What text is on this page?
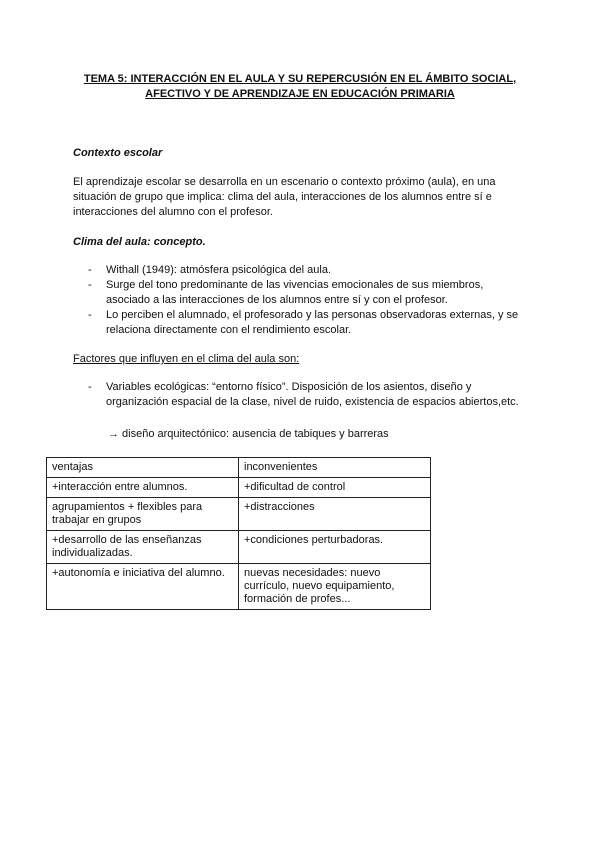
TEMA 5: INTERACCIÓN EN EL AULA Y SU REPERCUSIÓN EN EL ÁMBITO SOCIAL,
AFECTIVO Y DE APRENDIZAJE EN EDUCACIÓN PRIMARIA
Contexto escolar
El aprendizaje escolar se desarrolla en un escenario o contexto próximo (aula), en una
situación de grupo que implica: clima del aula, interacciones de los alumnos entre sí e
interacciones del alumno con el profesor.
Clima del aula: concepto.
- Withall (1949): atmósfera psicológica del aula.
- Surge del tono predominante de las vivencias emocionales de sus miembros,
asociado a las interacciones de los alumnos entre sí y con el profesor.
- Lo perciben el alumnado, el profesorado y las personas observadoras externas, y se
relaciona directamente con el rendimiento escolar.
Factores que influyen en el clima del aula son:
- Variables ecológicas: “entorno físico”. Disposición de los asientos, diseño y
organización espacial de la clase, nivel de ruido, existencia de espacios abiertos,etc.
→ diseño arquitectónico: ausencia de tabiques y barreras
ventajas	inconvenientes
+interacción entre alumnos.	+dificultad de control
agrupamientos + flexibles para trabajar en grupos	+distracciones
+desarrollo de las enseñanzas individualizadas.	+condiciones perturbadoras.
+autonomía e iniciativa del alumno.	nuevas necesidades: nuevo currículo, nuevo equipamiento, formación de profes...
